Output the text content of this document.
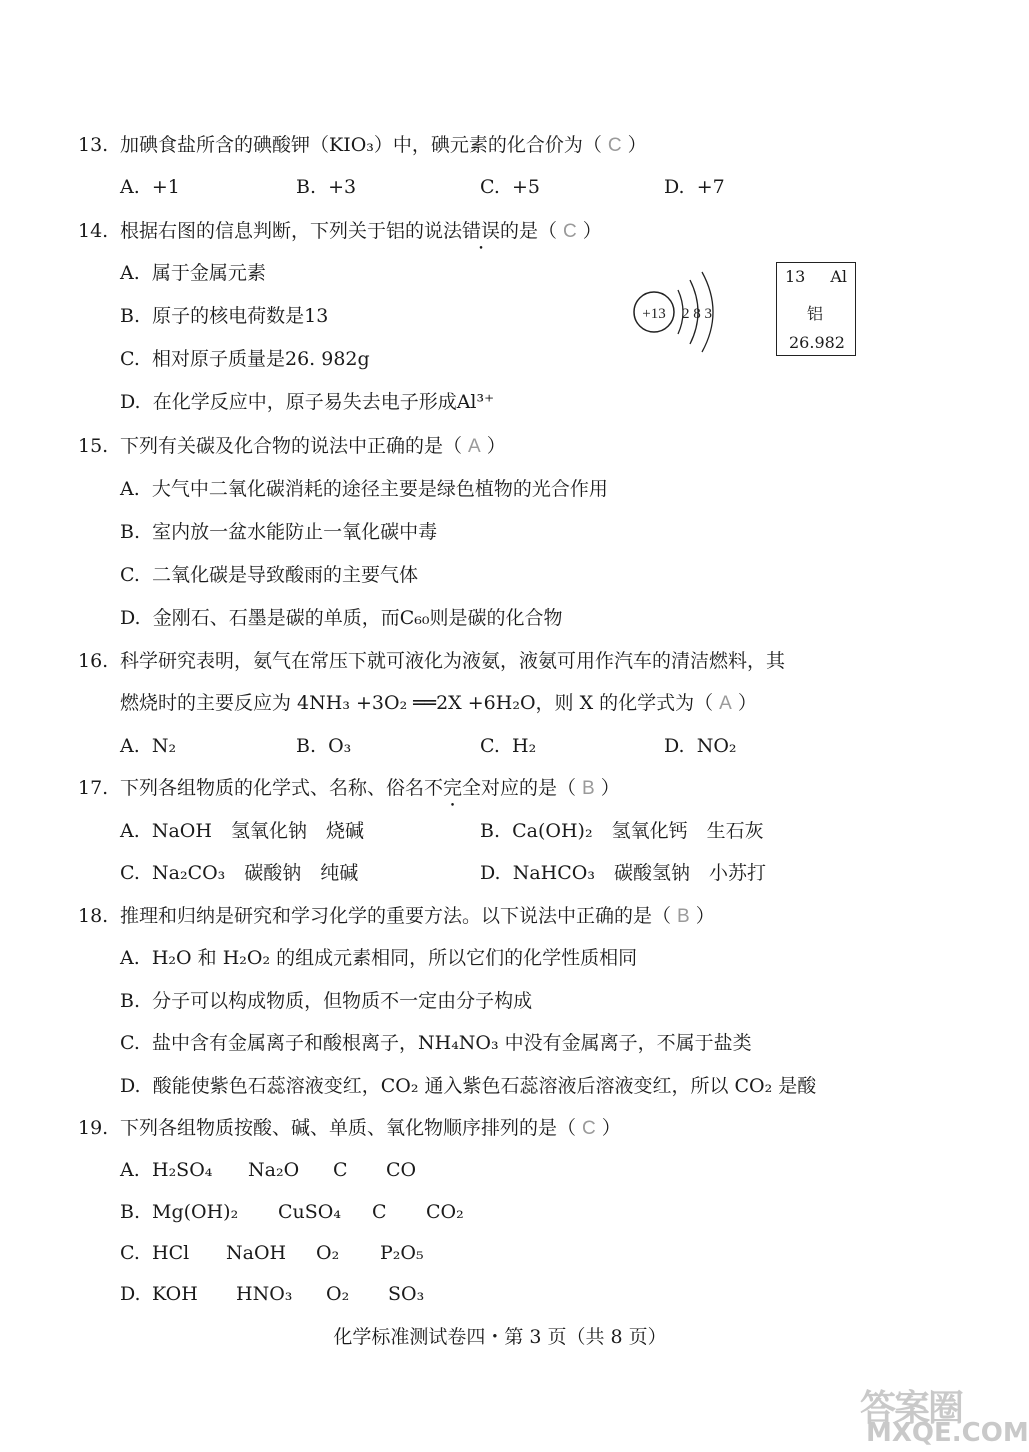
13. 加碘食盐所含的碘酸钾（KIO₃）中，碘元素的化合价为（ C ）
A. +1	B. +3	C. +5	D. +7
14. 根据右图的信息判断，下列关于铝的说法错误的是（ C ）
A. 属于金属元素
B. 原子的核电荷数是13
C. 相对原子质量是26. 982g
D. 在化学反应中，原子易失去电子形成Al³⁺
+13 2 8 3
13 Al
铝
26.982
15. 下列有关碳及化合物的说法中正确的是（ A ）
A. 大气中二氧化碳消耗的途径主要是绿色植物的光合作用
B. 室内放一盆水能防止一氧化碳中毒
C. 二氧化碳是导致酸雨的主要气体
D. 金刚石、石墨是碳的单质，而C₆₀则是碳的化合物
16. 科学研究表明，氨气在常压下就可液化为液氨，液氨可用作汽车的清洁燃料，其
燃烧时的主要反应为 4NH₃ +3O₂ ══2X +6H₂O，则 X 的化学式为（ A ）
A. N₂	B. O₃	C. H₂	D. NO₂
17. 下列各组物质的化学式、名称、俗名不完全对应的是（ B ）
A. NaOH　氢氧化钠　烧碱	B. Ca(OH)₂　氢氧化钙　生石灰
C. Na₂CO₃　碳酸钠　纯碱	D. NaHCO₃　碳酸氢钠　小苏打
18. 推理和归纳是研究和学习化学的重要方法。以下说法中正确的是（ B ）
A. H₂O 和 H₂O₂ 的组成元素相同，所以它们的化学性质相同
B. 分子可以构成物质，但物质不一定由分子构成
C. 盐中含有金属离子和酸根离子，NH₄NO₃ 中没有金属离子，不属于盐类
D. 酸能使紫色石蕊溶液变红，CO₂ 通入紫色石蕊溶液后溶液变红，所以 CO₂ 是酸
19. 下列各组物质按酸、碱、单质、氧化物顺序排列的是（ C ）
A. H₂SO₄ Na₂O C CO
B. Mg(OH)₂ CuSO₄ C CO₂
C. HCl NaOH O₂ P₂O₅
D. KOH HNO₃ O₂ SO₃
化学标准测试卷四・第 3 页（共 8 页）
答案圈
MXQE.COM
